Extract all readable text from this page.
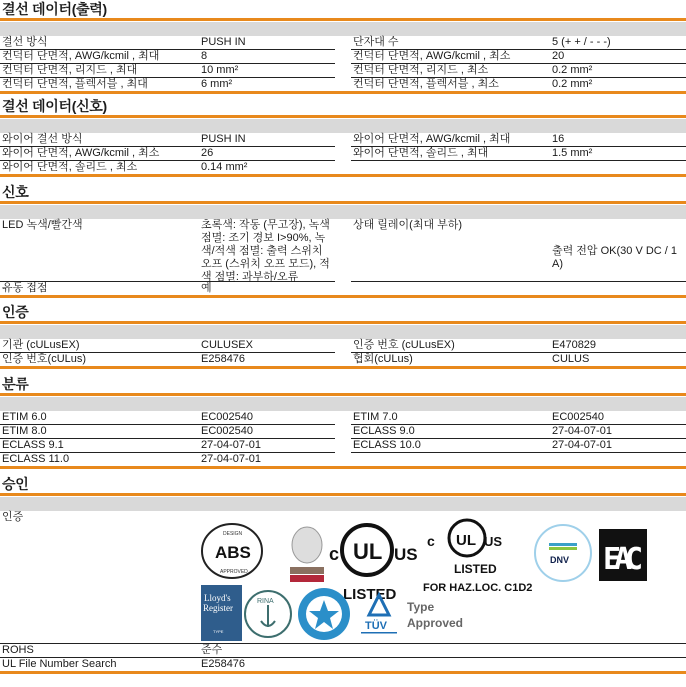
결선 데이터(출력)
결선 방식	PUSH IN	단자대 수	5 (+ + / - - -)
컨덕터 단면적, AWG/kcmil , 최대	8	컨덕터 단면적, AWG/kcmil , 최소	20
컨덕터 단면적, 리지드 , 최대	10 mm²	컨덕터 단면적, 리지드 , 최소	0.2 mm²
컨덕터 단면적, 플렉서블 , 최대	6 mm²	컨덕터 단면적, 플렉서블 , 최소	0.2 mm²
결선 데이터(신호)
와이어 결선 방식	PUSH IN	와이어 단면적, AWG/kcmil , 최대	16
와이어 단면적, AWG/kcmil , 최소	26	와이어 단면적, 솔리드 , 최대	1.5 mm²
와이어 단면적, 솔리드 , 최소	0.14 mm²
신호
LED 녹색/빨간색	초록색: 작동 (무고장), 녹색 점멸: 조기 경보 I>90%, 녹색/적색 점멸: 출력 스위치 오프 (스위치 오프 모드), 적색 점멸: 과부하/오류
상태 릴레이(최대 부하)
출력 전압 OK(30 V DC / 1 A)
유동 접점	예
인증
기관 (cULusEX)	CULUSEX	인증 번호 (cULusEX)	E470829
인증 번호(cULus)	E258476	협회(cULus)	CULUS
분류
ETIM 6.0	EC002540	ETIM 7.0	EC002540
ETIM 8.0	EC002540	ECLASS 9.0	27-04-07-01
ECLASS 9.1	27-04-07-01	ECLASS 10.0	27-04-07-01
ECLASS 11.0	27-04-07-01
승인
인증
ABS
DESIGN
APPROVED
c UL US
LISTED
c UL US
LISTED
FOR HAZ.LOC. C1D2
DNV EAC
Lloyd's
Register
TYPE
RINA
TÜV
Type
Approved
ROHS	준수
UL File Number Search	E258476
